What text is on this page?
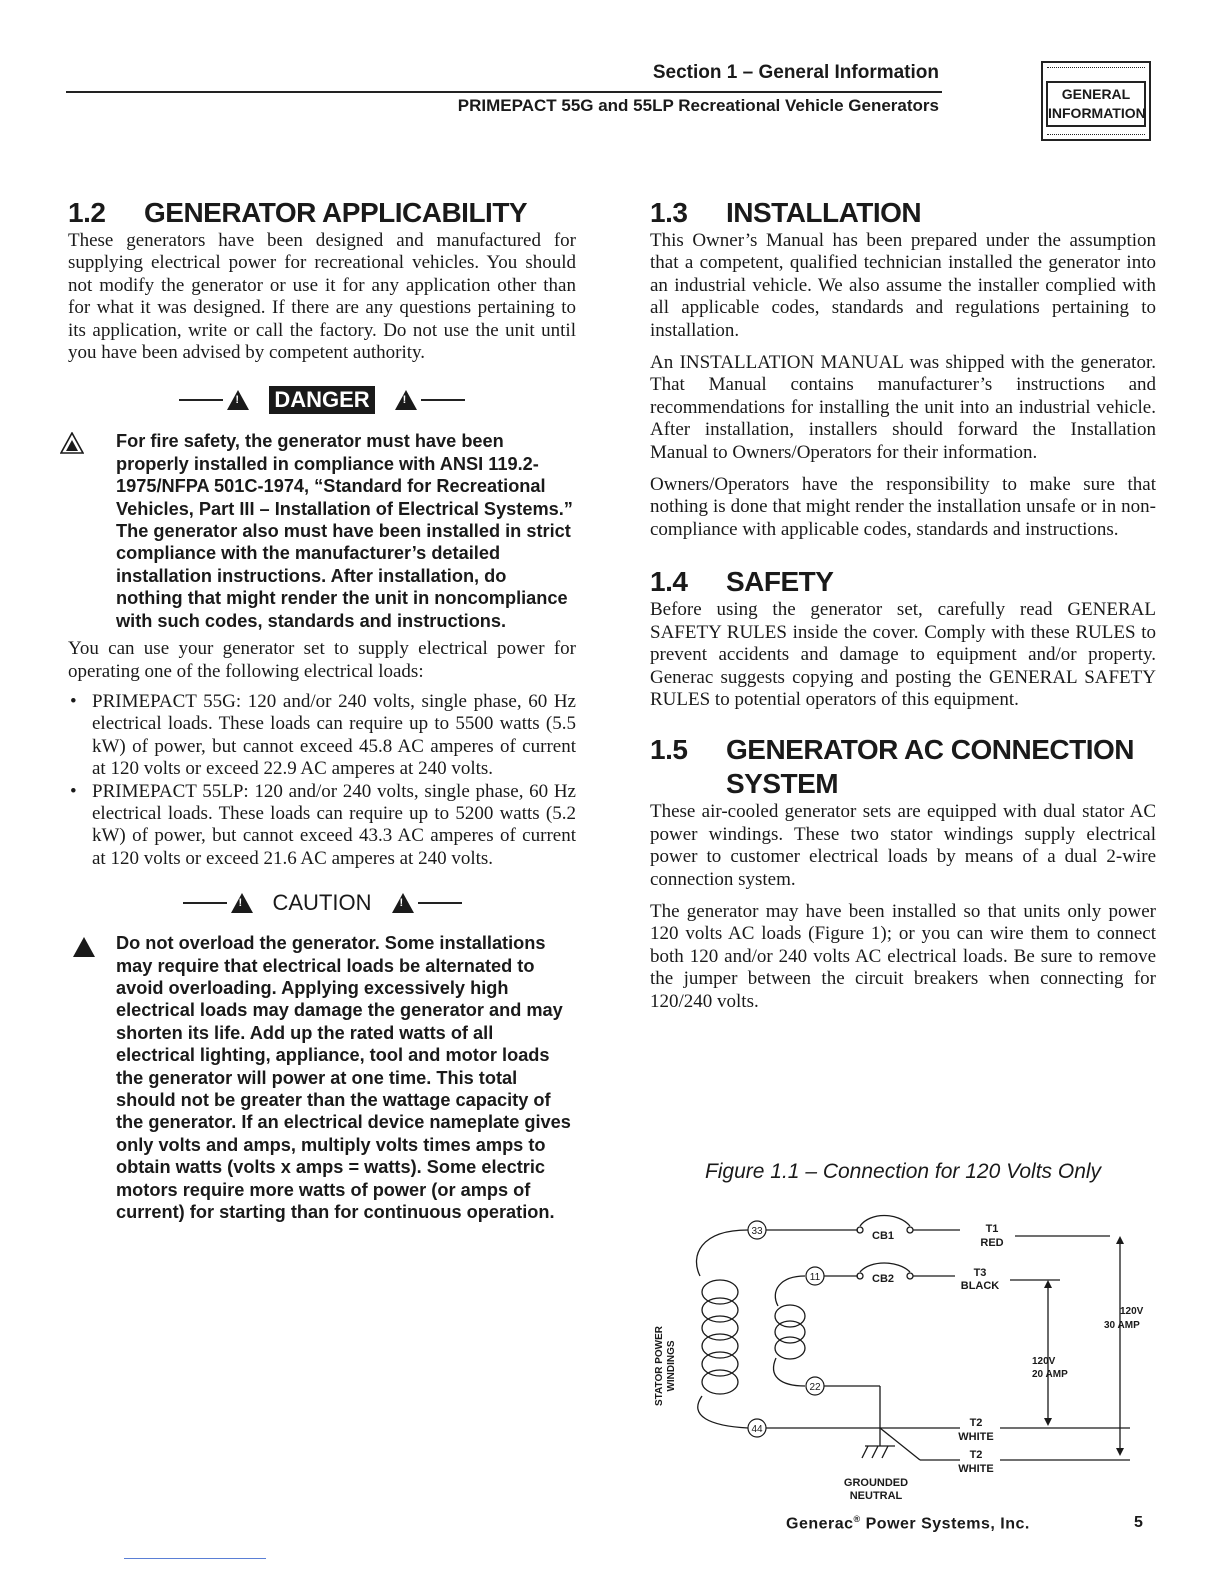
Section 1 – General Information
PRIMEPACT 55G and 55LP Recreational Vehicle Generators
GENERAL
INFORMATION
1.2	GENERATOR APPLICABILITY

These generators have been designed and manufactured for supplying electrical power for recreational vehicles. You should not modify the generator or use it for any application other than for what it was designed. If there are any questions pertaining to its application, write or call the factory. Do not use the unit until you have been advised by competent authority.

! DANGER	!

For fire safety, the generator must have been properly installed in compliance with ANSI 119.2-1975/NFPA 501C-1974, “Standard for Recreational Vehicles, Part III – Installation of Electrical Systems.” The generator also must have been installed in strict compliance with the manufacturer’s detailed installation instructions. After installation, do nothing that might render the unit in noncompliance with such codes, standards and instructions.

You can use your generator set to supply electrical power for operating one of the following electrical loads:

• PRIMEPACT 55G: 120 and/or 240 volts, single phase, 60 Hz electrical loads. These loads can require up to 5500 watts (5.5 kW) of power, but cannot exceed 45.8 AC amperes of current at 120 volts or exceed 22.9 AC amperes at 240 volts.
• PRIMEPACT 55LP: 120 and/or 240 volts, single phase, 60 Hz electrical loads. These loads can require up to 5200 watts (5.2 kW) of power, but cannot exceed 43.3 AC amperes of current at 120 volts or exceed 21.6 AC amperes at 240 volts.
! CAUTION	!

Do not overload the generator. Some installations may require that electrical loads be alternated to avoid overloading. Applying excessively high electrical loads may damage the generator and may shorten its life. Add up the rated watts of all electrical lighting, appliance, tool and motor loads the generator will power at one time. This total should not be greater than the wattage capacity of the generator. If an electrical device nameplate gives only volts and amps, multiply volts times amps to obtain watts (volts x amps = watts). Some electric motors require more watts of power (or amps of current) for starting than for continuous operation.

1.3	INSTALLATION

This Owner’s Manual has been prepared under the assumption that a competent, qualified technician installed the generator into an industrial vehicle. We also assume the installer complied with all applicable codes, standards and regulations pertaining to installation.

An INSTALLATION MANUAL was shipped with the generator. That Manual contains manufacturer’s instructions and recommendations for installing the unit into an industrial vehicle. After installation, installers should forward the Installation Manual to Owners/Operators for their information.

Owners/Operators have the responsibility to make sure that nothing is done that might render the installation unsafe or in non-compliance with applicable codes, standards and instructions.

1.4	SAFETY

Before using the generator set, carefully read GENERAL SAFETY RULES inside the cover. Comply with these RULES to prevent accidents and damage to equipment and/or property. Generac suggests copying and posting the GENERAL SAFETY RULES to potential operators of this equipment.

1.5	GENERATOR AC CONNECTION
SYSTEM

These air-cooled generator sets are equipped with dual stator AC power windings. These two stator windings supply electrical power to customer electrical loads by means of a dual 2-wire connection system.

The generator may have been installed so that units only power 120 volts AC loads (Figure 1); or you can wire them to connect both 120 and/or 240 volts AC electrical loads. Be sure to remove the jumper between the circuit breakers when connecting for 120/240 volts.

Figure 1.1 – Connection for 120 Volts Only
33
11
22
44
CB1
CB2
T1
RED
T3
BLACK
T2
WHITE
T2
WHITE
120V
30 AMP
120V
20 AMP
GROUNDED
NEUTRAL
STATOR POWER WINDINGS
Generac® Power Systems, Inc.	5
